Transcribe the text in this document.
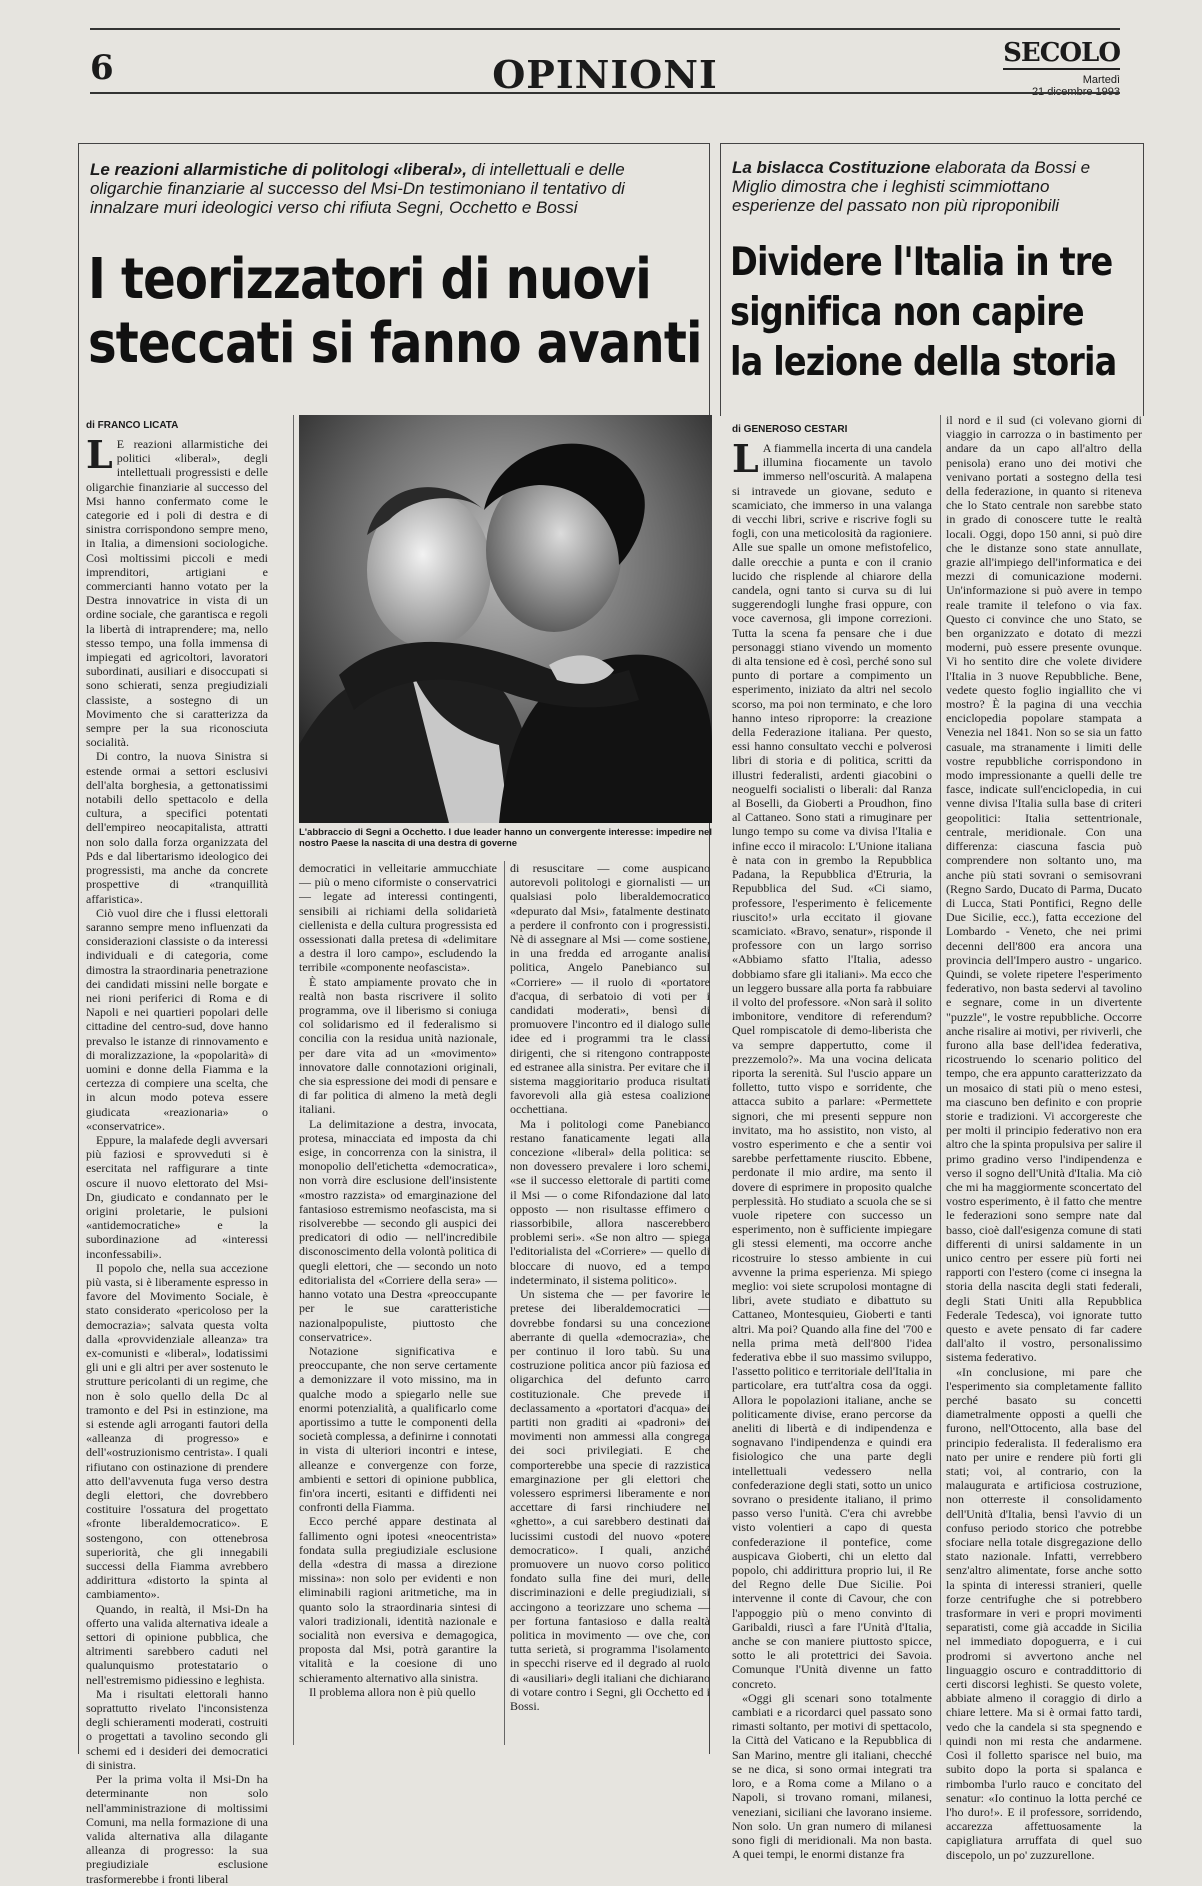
6	OPINIONI	SECOLO
Martedì
21 dicembre 1993
Le reazioni allarmistiche di politologi «liberal», di intellettuali e delle oligarchie finanziarie al successo del Msi-Dn testimoniano il tentativo di innalzare muri ideologici verso chi rifiuta Segni, Occhetto e Bossi
I teorizzatori di nuovi
steccati si fanno avanti
di FRANCO LICATA

L E reazioni allarmistiche dei politici «liberal», degli intellettuali progressisti e delle oligarchie finanziarie al successo del Msi hanno confermato come le categorie ed i poli di destra e di sinistra corrispondono sempre meno, in Italia, a dimensioni sociologiche. Così moltissimi piccoli e medi imprenditori, artigiani e commercianti hanno votato per la Destra innovatrice in vista di un ordine sociale, che garantisca e regoli la libertà di intraprendere; ma, nello stesso tempo, una folla immensa di impiegati ed agricoltori, lavoratori subordinati, ausiliari e disoccupati si sono schierati, senza pregiudiziali classiste, a sostegno di un Movimento che si caratterizza da sempre per la sua riconosciuta socialità.

Di contro, la nuova Sinistra si estende ormai a settori esclusivi dell'alta borghesia, a gettonatissimi notabili dello spettacolo e della cultura, a specifici potentati dell'empireo neocapitalista, attratti non solo dalla forza organizzata del Pds e dal libertarismo ideologico dei progressisti, ma anche da concrete prospettive di «tranquillità affaristica».

Ciò vuol dire che i flussi elettorali saranno sempre meno influenzati da considerazioni classiste o da interessi individuali e di categoria, come dimostra la straordinaria penetrazione dei candidati missini nelle borgate e nei rioni periferici di Roma e di Napoli e nei quartieri popolari delle cittadine del centro-sud, dove hanno prevalso le istanze di rinnovamento e di moralizzazione, la «popolarità» di uomini e donne della Fiamma e la certezza di compiere una scelta, che in alcun modo poteva essere giudicata «reazionaria» o «conservatrice».

Eppure, la malafede degli avversari più faziosi e sprovveduti si è esercitata nel raffigurare a tinte oscure il nuovo elettorato del Msi-Dn, giudicato e condannato per le origini proletarie, le pulsioni «antidemocratiche» e la subordinazione ad «interessi inconfessabili».

Il popolo che, nella sua accezione più vasta, si è liberamente espresso in favore del Movimento Sociale, è stato considerato «pericoloso per la democrazia»; salvata questa volta dalla «provvidenziale alleanza» tra ex-comunisti e «liberal», lodatissimi gli uni e gli altri per aver sostenuto le strutture pericolanti di un regime, che non è solo quello della Dc al tramonto e del Psi in estinzione, ma si estende agli arroganti fautori della «alleanza di progresso» e dell'«ostruzionismo centrista». I quali rifiutano con ostinazione di prendere atto dell'avvenuta fuga verso destra degli elettori, che dovrebbero costituire l'ossatura del progettato «fronte liberaldemocratico». E sostengono, con ottenebrosa superiorità, che gli innegabili successi della Fiamma avrebbero addirittura «distorto la spinta al cambiamento».

Quando, in realtà, il Msi-Dn ha offerto una valida alternativa ideale a settori di opinione pubblica, che altrimenti sarebbero caduti nel qualunquismo protestatario o nell'estremismo pidiessino e leghista.

Ma i risultati elettorali hanno soprattutto rivelato l'inconsistenza degli schieramenti moderati, costruiti o progettati a tavolino secondo gli schemi ed i desideri dei democratici di sinistra.

Per la prima volta il Msi-Dn ha determinante non solo nell'amministrazione di moltissimi Comuni, ma nella formazione di una valida alternativa alla dilagante alleanza di progresso: la sua pregiudiziale esclusione trasformerebbe i fronti liberal

L'abbraccio di Segni a Occhetto. I due leader hanno un convergente interesse: impedire nel nostro Paese la nascita di una destra di governe

democratici in velleitarie ammucchiate — più o meno ciformiste o conservatrici — legate ad interessi contingenti, sensibili ai richiami della solidarietà ciellenista e della cultura progressista ed ossessionati dalla pretesa di «delimitare a destra il loro campo», escludendo la terribile «componente neofascista».

È stato ampiamente provato che in realtà non basta riscrivere il solito programma, ove il liberismo si coniuga col solidarismo ed il federalismo si concilia con la residua unità nazionale, per dare vita ad un «movimento» innovatore dalle connotazioni originali, che sia espressione dei modi di pensare e di far politica di almeno la metà degli italiani.

La delimitazione a destra, invocata, protesa, minacciata ed imposta da chi esige, in concorrenza con la sinistra, il monopolio dell'etichetta «democratica», non vorrà dire esclusione dell'insistente «mostro razzista» od emarginazione del fantasioso estremismo neofascista, ma si risolverebbe — secondo gli auspici dei predicatori di odio — nell'incredibile disconoscimento della volontà politica di quegli elettori, che — secondo un noto editorialista del «Corriere della sera» — hanno votato una Destra «preoccupante per le sue caratteristiche nazionalpopuliste, piuttosto che conservatrice».

Notazione significativa e preoccupante, che non serve certamente a demonizzare il voto missino, ma in qualche modo a spiegarlo nelle sue enormi potenzialità, a qualificarlo come aportissimo a tutte le componenti della società complessa, a definirne i connotati in vista di ulteriori incontri e intese, alleanze e convergenze con forze, ambienti e settori di opinione pubblica, fin'ora incerti, esitanti e diffidenti nei confronti della Fiamma.

Ecco perché appare destinata al fallimento ogni ipotesi «neocentrista» fondata sulla pregiudiziale esclusione della «destra di massa a direzione missina»: non solo per evidenti e non eliminabili ragioni aritmetiche, ma in quanto solo la straordinaria sintesi di valori tradizionali, identità nazionale e socialità non eversiva e demagogica, proposta dal Msi, potrà garantire la vitalità e la coesione di uno schieramento alternativo alla sinistra.

Il problema allora non è più quello

di resuscitare — come auspicano autorevoli politologi e giornalisti — un qualsiasi polo liberaldemocratico «depurato dal Msi», fatalmente destinato a perdere il confronto con i progressisti. Nè di assegnare al Msi — come sostiene, in una fredda ed arrogante analisi politica, Angelo Panebianco sul «Corriere» — il ruolo di «portatore d'acqua, di serbatoio di voti per i candidati moderati», bensì di promuovere l'incontro ed il dialogo sulle idee ed i programmi tra le classi dirigenti, che si ritengono contrapposte ed estranee alla sinistra. Per evitare che il sistema maggioritario produca risultati favorevoli alla già estesa coalizione occhettiana.

Ma i politologi come Panebianco restano fanaticamente legati alla concezione «liberal» della politica: se non dovessero prevalere i loro schemi, «se il successo elettorale di partiti come il Msi — o come Rifondazione dal lato opposto — non risultasse effimero o riassorbibile, allora nascerebbero problemi seri». «Se non altro — spiega l'editorialista del «Corriere» — quello di bloccare di nuovo, ed a tempo indeterminato, il sistema politico».

Un sistema che — per favorire le pretese dei liberaldemocratici — dovrebbe fondarsi su una concezione aberrante di quella «democrazia», che per continuo il loro tabù. Su una costruzione politica ancor più faziosa ed oligarchica del defunto carro costituzionale. Che prevede il declassamento a «portatori d'acqua» dei partiti non graditi ai «padroni» dei movimenti non ammessi alla congrega dei soci privilegiati. E che comporterebbe una specie di razzistica emarginazione per gli elettori che volessero esprimersi liberamente e non accettare di farsi rinchiudere nel «ghetto», a cui sarebbero destinati dai lucissimi custodi del nuovo «potere democratico». I quali, anziché promuovere un nuovo corso politico fondato sulla fine dei muri, delle discriminazioni e delle pregiudiziali, si accingono a teorizzare uno schema — per fortuna fantasioso e dalla realtà politica in movimento — ove che, con tutta serietà, si programma l'isolamento in specchi riserve ed il degrado al ruolo di «ausiliari» degli italiani che dichiarano di votare contro i Segni, gli Occhetto ed i Bossi.

La bislacca Costituzione elaborata da Bossi e Miglio dimostra che i leghisti scimmiottano esperienze del passato non più riproponibili
Dividere l'Italia in tre
significa non capire
la lezione della storia
di GENEROSO CESTARI

L A fiammella incerta di una candela illumina fiocamente un tavolo immerso nell'oscurità. A malapena si intravede un giovane, seduto e scamiciato, che immerso in una valanga di vecchi libri, scrive e riscrive fogli su fogli, con una meticolosità da ragioniere. Alle sue spalle un omone mefistofelico, dalle orecchie a punta e con il cranio lucido che risplende al chiarore della candela, ogni tanto si curva su di lui suggerendogli lunghe frasi oppure, con voce cavernosa, gli impone correzioni. Tutta la scena fa pensare che i due personaggi stiano vivendo un momento di alta tensione ed è così, perché sono sul punto di portare a compimento un esperimento, iniziato da altri nel secolo scorso, ma poi non terminato, e che loro hanno inteso riproporre: la creazione della Federazione italiana. Per questo, essi hanno consultato vecchi e polverosi libri di storia e di politica, scritti da illustri federalisti, ardenti giacobini o neoguelfi socialisti o liberali: dal Ranza al Boselli, da Gioberti a Proudhon, fino al Cattaneo. Sono stati a rimuginare per lungo tempo su come va divisa l'Italia e infine ecco il miracolo: L'Unione italiana è nata con in grembo la Repubblica Padana, la Repubblica d'Etruria, la Repubblica del Sud. «Ci siamo, professore, l'esperimento è felicemente riuscito!» urla eccitato il giovane scamiciato. «Bravo, senatur», risponde il professore con un largo sorriso «Abbiamo sfatto l'Italia, adesso dobbiamo sfare gli italiani». Ma ecco che un leggero bussare alla porta fa rabbuiare il volto del professore. «Non sarà il solito imbonitore, venditore di referendum? Quel rompiscatole di demo-liberista che va sempre dappertutto, come il prezzemolo?». Ma una vocina delicata riporta la serenità. Sul l'uscio appare un folletto, tutto vispo e sorridente, che attacca subito a parlare: «Permettete signori, che mi presenti seppure non invitato, ma ho assistito, non visto, al vostro esperimento e che a sentir voi sarebbe perfettamente riuscito. Ebbene, perdonate il mio ardire, ma sento il dovere di esprimere in proposito qualche perplessità. Ho studiato a scuola che se si vuole ripetere con successo un esperimento, non è sufficiente impiegare gli stessi elementi, ma occorre anche ricostruire lo stesso ambiente in cui avvenne la prima esperienza. Mi spiego meglio: voi siete scrupolosi montagne di libri, avete studiato e dibattuto su Cattaneo, Montesquieu, Gioberti e tanti altri. Ma poi? Quando alla fine del '700 e nella prima metà dell'800 l'idea federativa ebbe il suo massimo sviluppo, l'assetto politico e territoriale dell'Italia in particolare, era tutt'altra cosa da oggi. Allora le popolazioni italiane, anche se politicamente divise, erano percorse da aneliti di libertà e di indipendenza e sognavano l'indipendenza e quindi era fisiologico che una parte degli intellettuali vedessero nella confederazione degli stati, sotto un unico sovrano o presidente italiano, il primo passo verso l'unità. C'era chi avrebbe visto volentieri a capo di questa confederazione il pontefice, come auspicava Gioberti, chi un eletto dal popolo, chi addirittura proprio lui, il Re del Regno delle Due Sicilie. Poi intervenne il conte di Cavour, che con l'appoggio più o meno convinto di Garibaldi, riuscì a fare l'Unità d'Italia, anche se con maniere piuttosto spicce, sotto le ali protettrici dei Savoia. Comunque l'Unità divenne un fatto concreto.

«Oggi gli scenari sono totalmente cambiati e a ricordarci quel passato sono rimasti soltanto, per motivi di spettacolo, la Città del Vaticano e la Repubblica di San Marino, mentre gli italiani, checché se ne dica, si sono ormai integrati tra loro, e a Roma come a Milano o a Napoli, si trovano romani, milanesi, veneziani, siciliani che lavorano insieme. Non solo. Un gran numero di milanesi sono figli di meridionali. Ma non basta. A quei tempi, le enormi distanze fra

il nord e il sud (ci volevano giorni di viaggio in carrozza o in bastimento per andare da un capo all'altro della penisola) erano uno dei motivi che venivano portati a sostegno della tesi della federazione, in quanto si riteneva che lo Stato centrale non sarebbe stato in grado di conoscere tutte le realtà locali. Oggi, dopo 150 anni, si può dire che le distanze sono state annullate, grazie all'impiego dell'informatica e dei mezzi di comunicazione moderni. Un'informazione si può avere in tempo reale tramite il telefono o via fax. Questo ci convince che uno Stato, se ben organizzato e dotato di mezzi moderni, può essere presente ovunque. Vi ho sentito dire che volete dividere l'Italia in 3 nuove Repubbliche. Bene, vedete questo foglio ingiallito che vi mostro? È la pagina di una vecchia enciclopedia popolare stampata a Venezia nel 1841. Non so se sia un fatto casuale, ma stranamente i limiti delle vostre repubbliche corrispondono in modo impressionante a quelli delle tre fasce, indicate sull'enciclopedia, in cui venne divisa l'Italia sulla base di criteri geopolitici: Italia settentrionale, centrale, meridionale. Con una differenza: ciascuna fascia può comprendere non soltanto uno, ma anche più stati sovrani o semisovrani (Regno Sardo, Ducato di Parma, Ducato di Lucca, Stati Pontifici, Regno delle Due Sicilie, ecc.), fatta eccezione del Lombardo - Veneto, che nei primi decenni dell'800 era ancora una provincia dell'Impero austro - ungarico. Quindi, se volete ripetere l'esperimento federativo, non basta sedervi al tavolino e segnare, come in un divertente "puzzle", le vostre repubbliche. Occorre anche risalire ai motivi, per riviverli, che furono alla base dell'idea federativa, ricostruendo lo scenario politico del tempo, che era appunto caratterizzato da un mosaico di stati più o meno estesi, ma ciascuno ben definito e con proprie storie e tradizioni. Vi accorgereste che per molti il principio federativo non era altro che la spinta propulsiva per salire il primo gradino verso l'indipendenza e verso il sogno dell'Unità d'Italia. Ma ciò che mi ha maggiormente sconcertato del vostro esperimento, è il fatto che mentre le federazioni sono sempre nate dal basso, cioè dall'esigenza comune di stati differenti di unirsi saldamente in un unico centro per essere più forti nei rapporti con l'estero (come ci insegna la storia della nascita degli stati federali, degli Stati Uniti alla Repubblica Federale Tedesca), voi ignorate tutto questo e avete pensato di far cadere dall'alto il vostro, personalissimo sistema federativo.

«In conclusione, mi pare che l'esperimento sia completamente fallito perché basato su concetti diametralmente opposti a quelli che furono, nell'Ottocento, alla base del principio federalista. Il federalismo era nato per unire e rendere più forti gli stati; voi, al contrario, con la malaugurata e artificiosa costruzione, non otterreste il consolidamento dell'Unità d'Italia, bensì l'avvio di un confuso periodo storico che potrebbe sfociare nella totale disgregazione dello stato nazionale. Infatti, verrebbero senz'altro alimentate, forse anche sotto la spinta di interessi stranieri, quelle forze centrifughe che si potrebbero trasformare in veri e propri movimenti separatisti, come già accadde in Sicilia nel immediato dopoguerra, e i cui prodromi si avvertono anche nel linguaggio oscuro e contraddittorio di certi discorsi leghisti. Se questo volete, abbiate almeno il coraggio di dirlo a chiare lettere. Ma si è ormai fatto tardi, vedo che la candela si sta spegnendo e quindi non mi resta che andarmene. Così il folletto sparisce nel buio, ma subito dopo la porta si spalanca e rimbomba l'urlo rauco e concitato del senatur: «Io continuo la lotta perché ce l'ho duro!». E il professore, sorridendo, accarezza affettuosamente la capigliatura arruffata di quel suo discepolo, un po' zuzzurellone.
